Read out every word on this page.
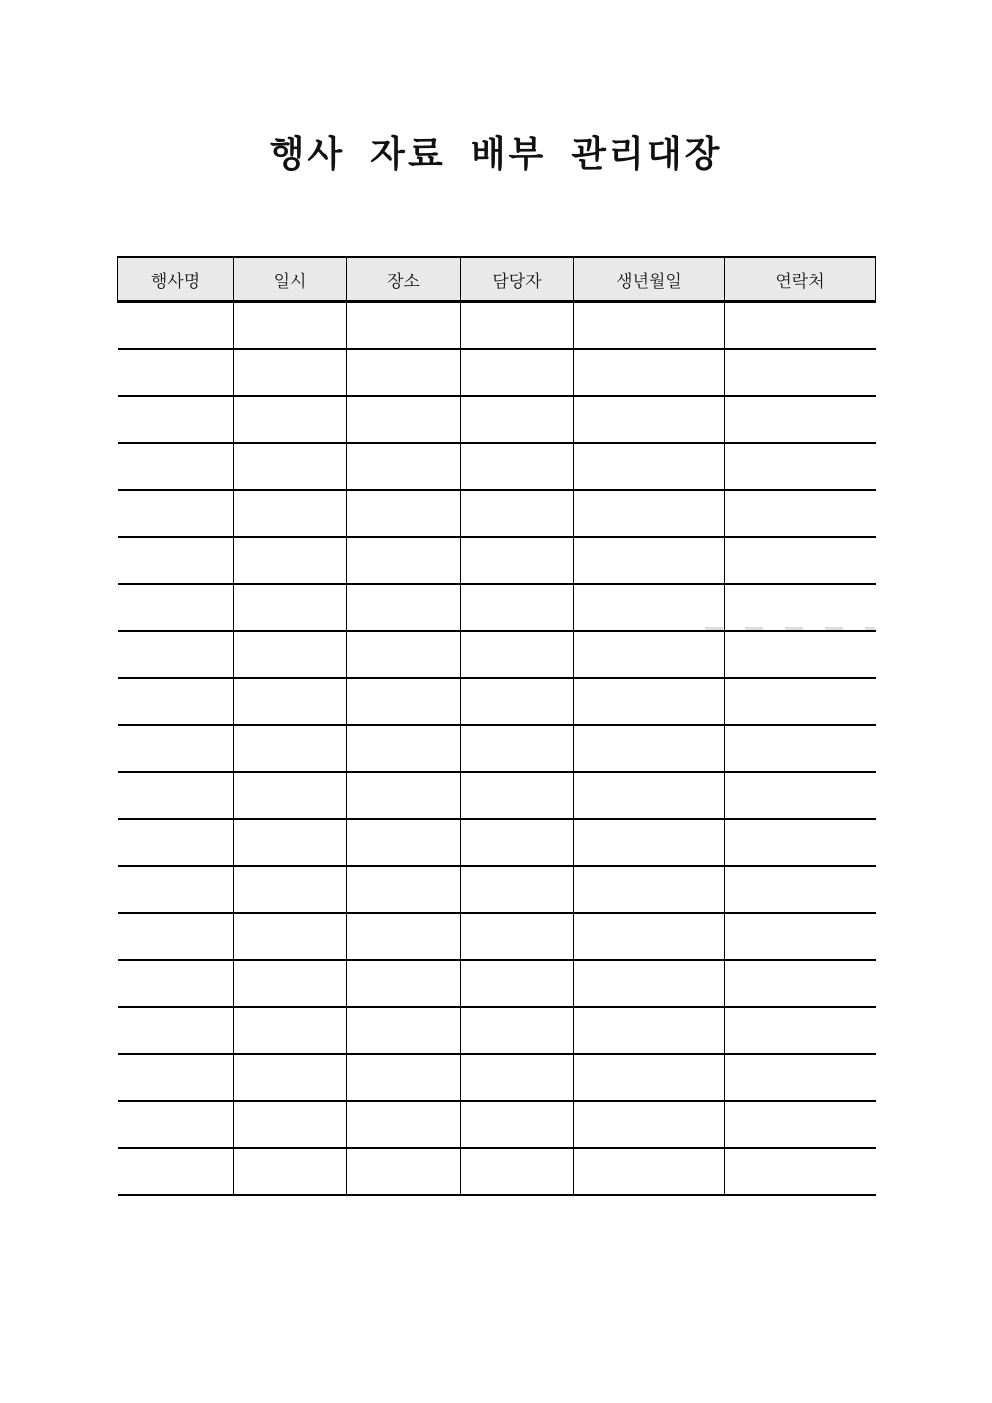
행사 자료 배부 관리대장
행사명	일시	장소	담당자	생년월일	연락처
